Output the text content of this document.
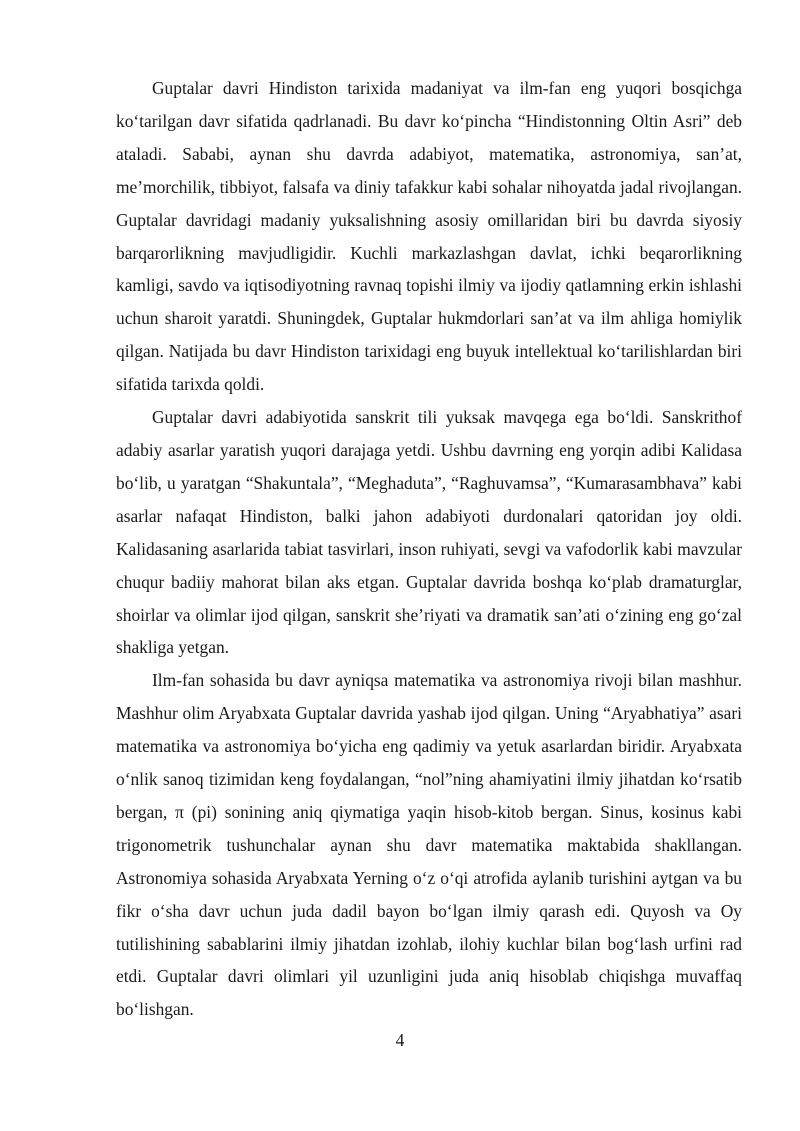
Guptalar davri Hindiston tarixida madaniyat va ilm-fan eng yuqori bosqichga ko‘tarilgan davr sifatida qadrlanadi. Bu davr ko‘pincha “Hindistonning Oltin Asri” deb ataladi. Sababi, aynan shu davrda adabiyot, matematika, astronomiya, san’at, me’morchilik, tibbiyot, falsafa va diniy tafakkur kabi sohalar nihoyatda jadal rivojlangan. Guptalar davridagi madaniy yuksalishning asosiy omillaridan biri bu davrda siyosiy barqarorlikning mavjudligidir. Kuchli markazlashgan davlat, ichki beqarorlikning kamligi, savdo va iqtisodiyotning ravnaq topishi ilmiy va ijodiy qatlamning erkin ishlashi uchun sharoit yaratdi. Shuningdek, Guptalar hukmdorlari san’at va ilm ahliga homiylik qilgan. Natijada bu davr Hindiston tarixidagi eng buyuk intellektual ko‘tarilishlardan biri sifatida tarixda qoldi.

Guptalar davri adabiyotida sanskrit tili yuksak mavqega ega bo‘ldi. Sanskrithof adabiy asarlar yaratish yuqori darajaga yetdi. Ushbu davrning eng yorqin adibi Kalidasa bo‘lib, u yaratgan “Shakuntala”, “Meghaduta”, “Raghuvamsa”, “Kumarasambhava” kabi asarlar nafaqat Hindiston, balki jahon adabiyoti durdonalari qatoridan joy oldi. Kalidasaning asarlarida tabiat tasvirlari, inson ruhiyati, sevgi va vafodorlik kabi mavzular chuqur badiiy mahorat bilan aks etgan. Guptalar davrida boshqa ko‘plab dramaturglar, shoirlar va olimlar ijod qilgan, sanskrit she’riyati va dramatik san’ati o‘zining eng go‘zal shakliga yetgan.

Ilm-fan sohasida bu davr ayniqsa matematika va astronomiya rivoji bilan mashhur. Mashhur olim Aryabxata Guptalar davrida yashab ijod qilgan. Uning “Aryabhatiya” asari matematika va astronomiya bo‘yicha eng qadimiy va yetuk asarlardan biridir. Aryabxata o‘nlik sanoq tizimidan keng foydalangan, “nol”ning ahamiyatini ilmiy jihatdan ko‘rsatib bergan, π (pi) sonining aniq qiymatiga yaqin hisob-kitob bergan. Sinus, kosinus kabi trigonometrik tushunchalar aynan shu davr matematika maktabida shakllangan. Astronomiya sohasida Aryabxata Yerning o‘z o‘qi atrofida aylanib turishini aytgan va bu fikr o‘sha davr uchun juda dadil bayon bo‘lgan ilmiy qarash edi. Quyosh va Oy tutilishining sabablarini ilmiy jihatdan izohlab, ilohiy kuchlar bilan bog‘lash urfini rad etdi. Guptalar davri olimlari yil uzunligini juda aniq hisoblab chiqishga muvaffaq bo‘lishgan.

4
